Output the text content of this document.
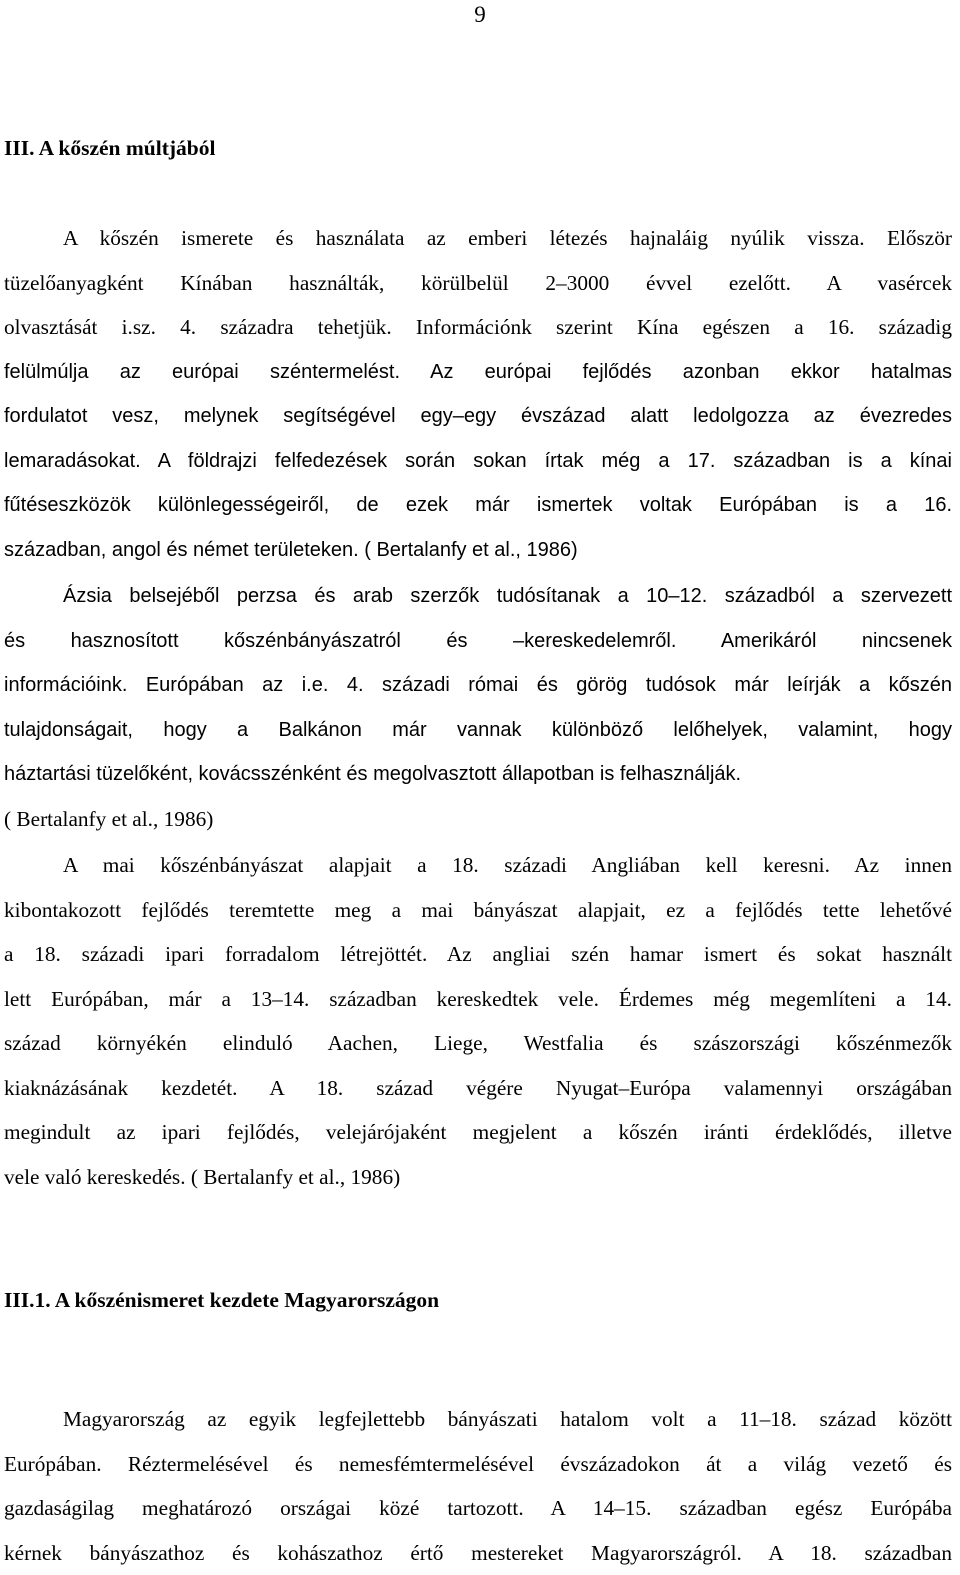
9
III. A kőszén múltjából
A kőszén ismerete és használata az emberi létezés hajnaláig nyúlik vissza. Először
tüzelőanyagként Kínában használták, körülbelül 2–3000 évvel ezelőtt. A vasércek
olvasztását i.sz. 4. századra tehetjük. Információnk szerint Kína egészen a 16. századig
felülmúlja az európai széntermelést. Az európai fejlődés azonban ekkor hatalmas
fordulatot vesz, melynek segítségével egy–egy évszázad alatt ledolgozza az évezredes
lemaradásokat. A földrajzi felfedezések során sokan írtak még a 17. században is a kínai
fűtéseszközök különlegességeiről, de ezek már ismertek voltak Európában is a 16.
században, angol és német területeken. ( Bertalanfy et al., 1986)
Ázsia belsejéből perzsa és arab szerzők tudósítanak a 10–12. századból a szervezett
és hasznosított kőszénbányászatról és –kereskedelemről. Amerikáról nincsenek
információink. Európában az i.e. 4. századi római és görög tudósok már leírják a kőszén
tulajdonságait, hogy a Balkánon már vannak különböző lelőhelyek, valamint, hogy
háztartási tüzelőként, kovácsszénként és megolvasztott állapotban is felhasználják.
( Bertalanfy et al., 1986)
A mai kőszénbányászat alapjait a 18. századi Angliában kell keresni. Az innen
kibontakozott fejlődés teremtette meg a mai bányászat alapjait, ez a fejlődés tette lehetővé
a 18. századi ipari forradalom létrejöttét. Az angliai szén hamar ismert és sokat használt
lett Európában, már a 13–14. században kereskedtek vele. Érdemes még megemlíteni a 14.
század környékén elinduló Aachen, Liege, Westfalia és szászországi kőszénmezők
kiaknázásának kezdetét. A 18. század végére Nyugat–Európa valamennyi országában
megindult az ipari fejlődés, velejárójaként megjelent a kőszén iránti érdeklődés, illetve
vele való kereskedés. ( Bertalanfy et al., 1986)
III.1. A kőszénismeret kezdete Magyarországon
Magyarország az egyik legfejlettebb bányászati hatalom volt a 11–18. század között
Európában. Réztermelésével és nemesfémtermelésével évszázadokon át a világ vezető és
gazdaságilag meghatározó országai közé tartozott. A 14–15. században egész Európába
kérnek bányászathoz és kohászathoz értő mestereket Magyarországról. A 18. században
